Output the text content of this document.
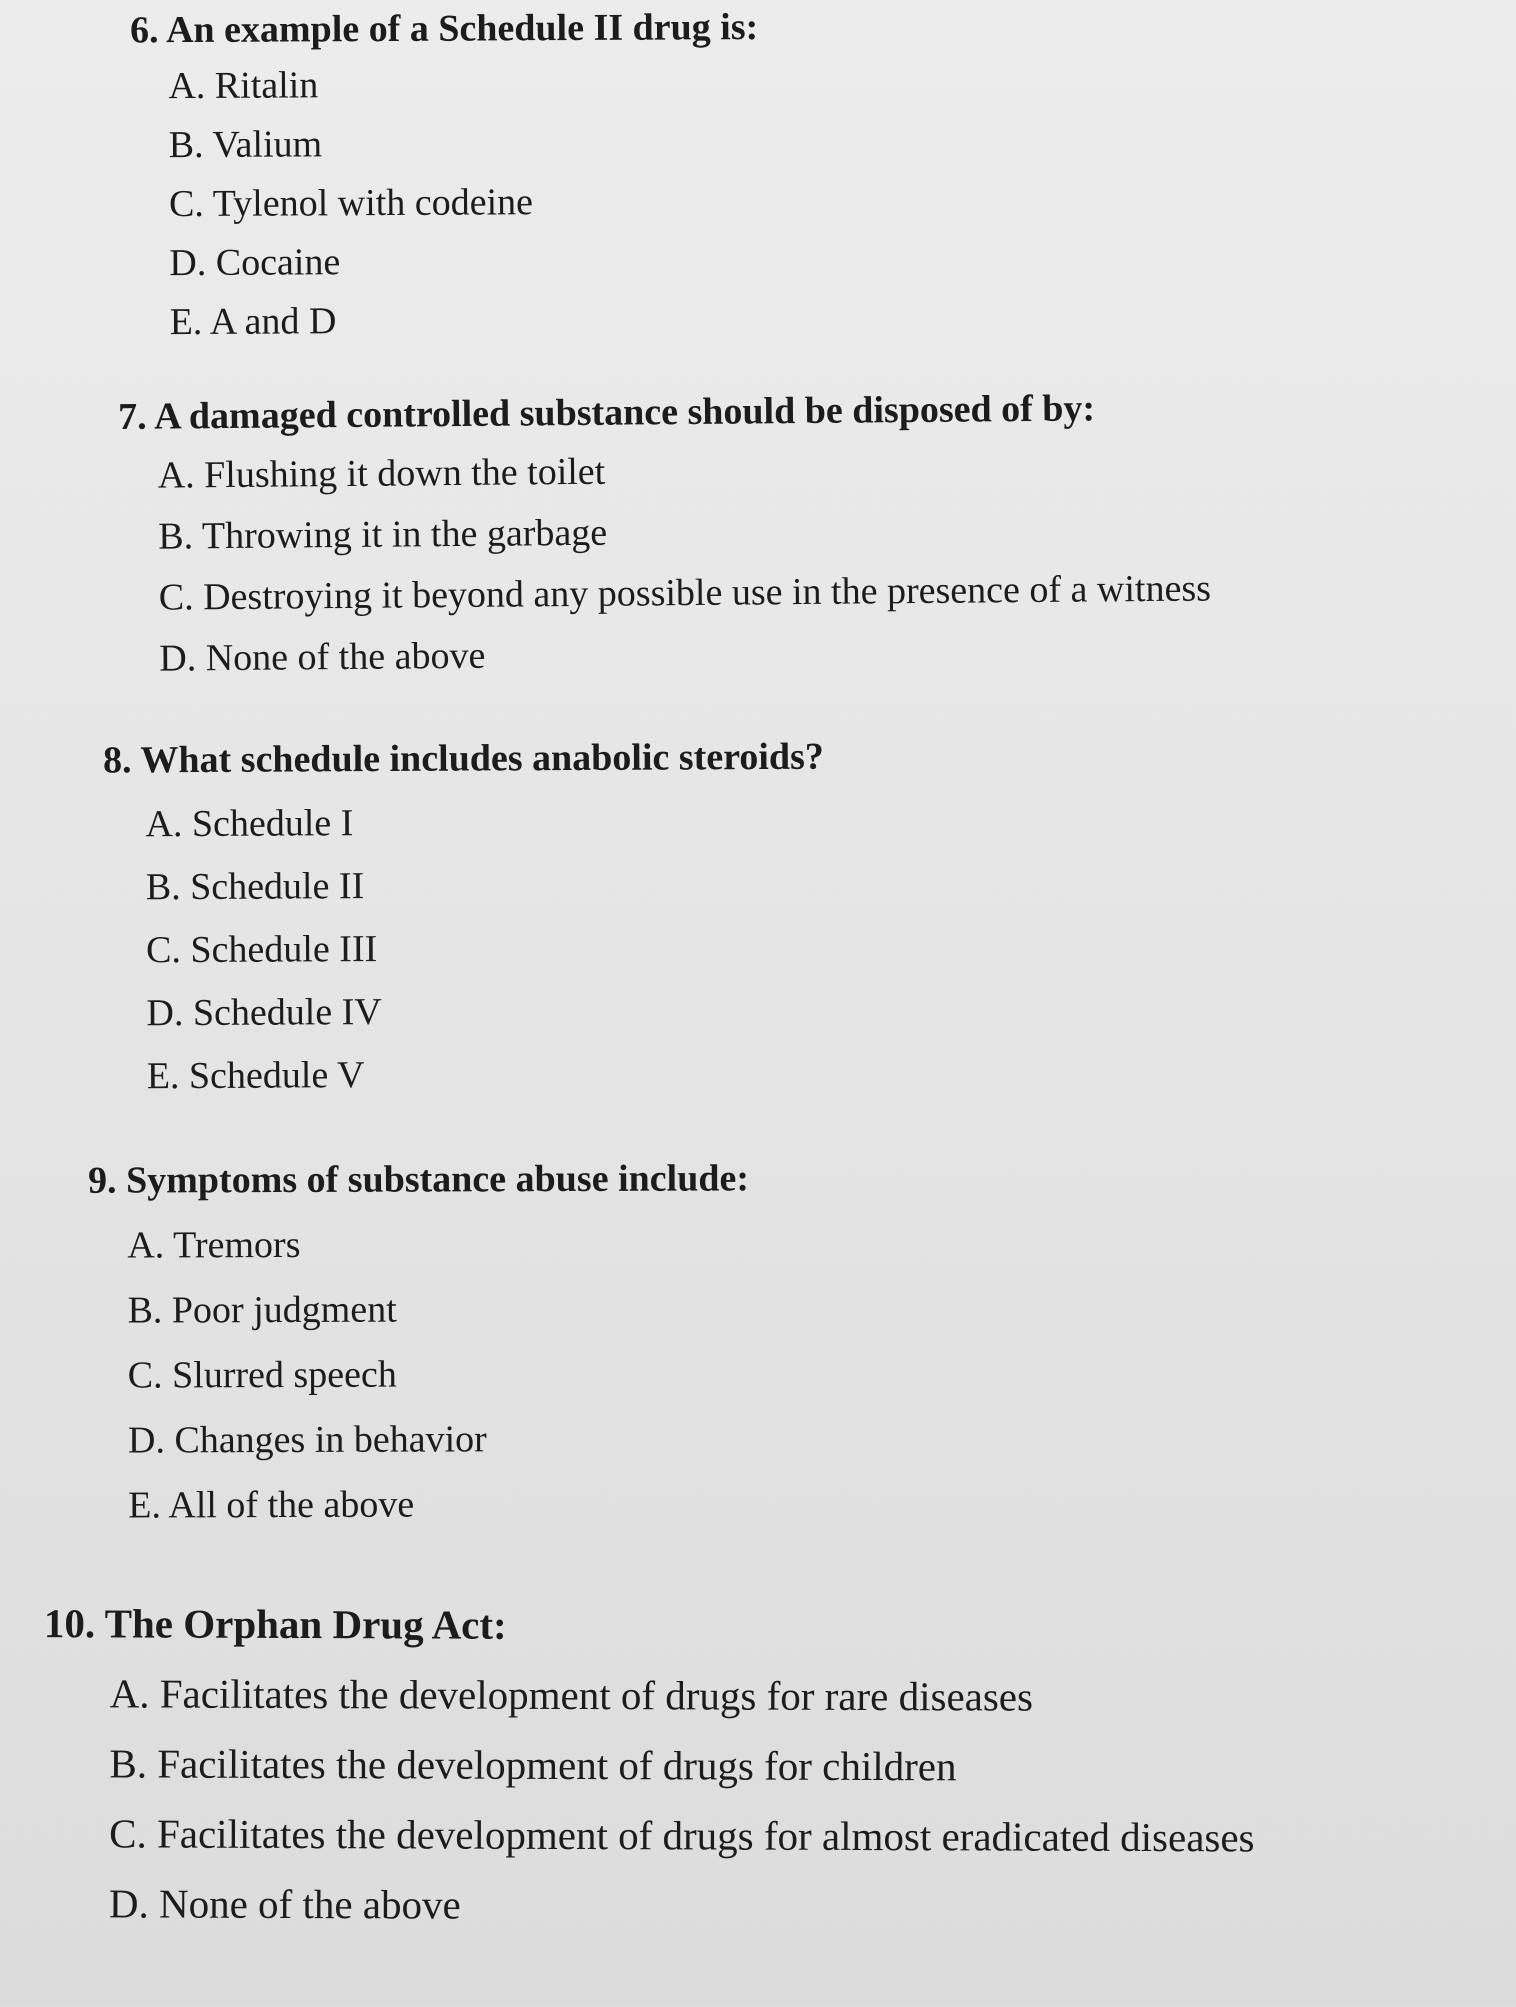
6. An example of a Schedule II drug is:

A. Ritalin
B. Valium
C. Tylenol with codeine
D. Cocaine
E. A and D

7. A damaged controlled substance should be disposed of by:

A. Flushing it down the toilet
B. Throwing it in the garbage
C. Destroying it beyond any possible use in the presence of a witness
D. None of the above

8. What schedule includes anabolic steroids?

A. Schedule I
B. Schedule II
C. Schedule III
D. Schedule IV
E. Schedule V

9. Symptoms of substance abuse include:

A. Tremors
B. Poor judgment
C. Slurred speech
D. Changes in behavior
E. All of the above

10. The Orphan Drug Act:

A. Facilitates the development of drugs for rare diseases
B. Facilitates the development of drugs for children
C. Facilitates the development of drugs for almost eradicated diseases
D. None of the above
